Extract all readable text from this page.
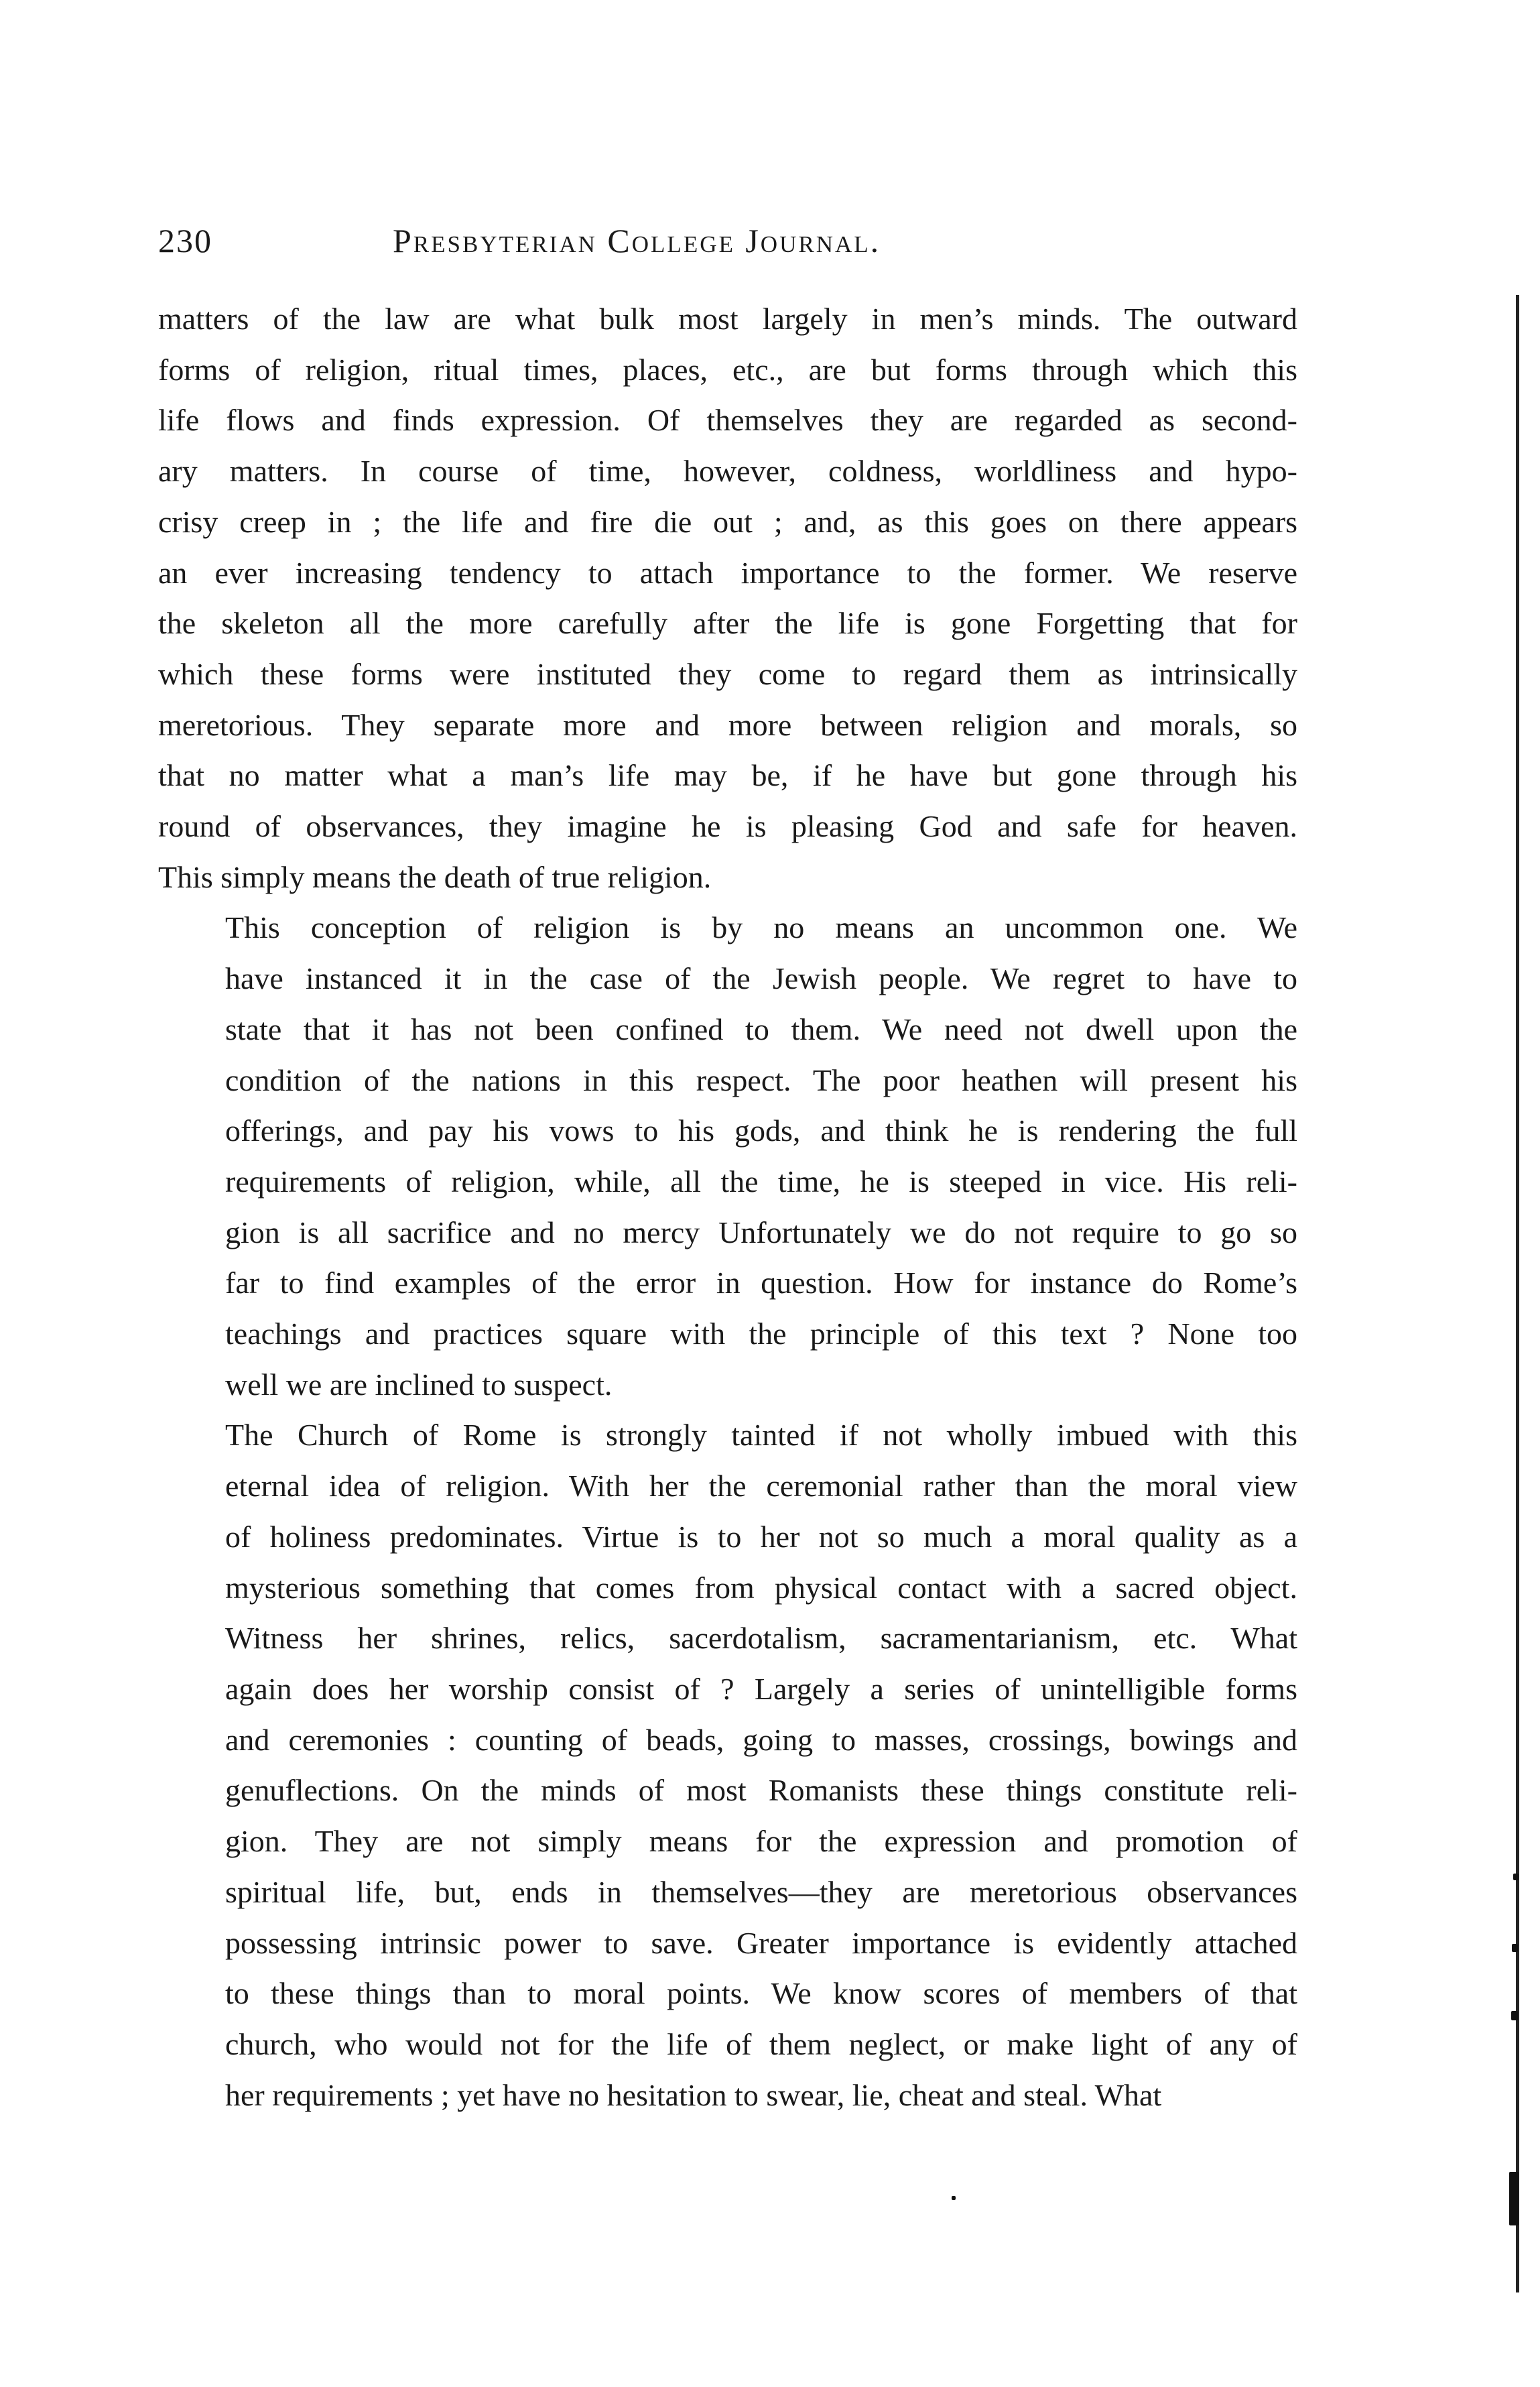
230	Presbyterian College Journal.

matters of the law are what bulk most largely in men’s minds. The outward
forms of religion, ritual times, places, etc., are but forms through which this
life flows and finds expression. Of themselves they are regarded as second-
ary matters. In course of time, however, coldness, worldliness and hypo-
crisy creep in ; the life and fire die out ; and, as this goes on there appears
an ever increasing tendency to attach importance to the former. We reserve
the skeleton all the more carefully after the life is gone Forgetting that for
which these forms were instituted they come to regard them as intrinsically
meretorious. They separate more and more between religion and morals, so
that no matter what a man’s life may be, if he have but gone through his
round of observances, they imagine he is pleasing God and safe for heaven.
This simply means the death of true religion.

This conception of religion is by no means an uncommon one. We
have instanced it in the case of the Jewish people. We regret to have to
state that it has not been confined to them. We need not dwell upon the
condition of the nations in this respect. The poor heathen will present his
offerings, and pay his vows to his gods, and think he is rendering the full
requirements of religion, while, all the time, he is steeped in vice. His reli-
gion is all sacrifice and no mercy Unfortunately we do not require to go so
far to find examples of the error in question. How for instance do Rome’s
teachings and practices square with the principle of this text ? None too
well we are inclined to suspect.

The Church of Rome is strongly tainted if not wholly imbued with this
eternal idea of religion. With her the ceremonial rather than the moral view
of holiness predominates. Virtue is to her not so much a moral quality as a
mysterious something that comes from physical contact with a sacred object.
Witness her shrines, relics, sacerdotalism, sacramentarianism, etc. What
again does her worship consist of ? Largely a series of unintelligible forms
and ceremonies : counting of beads, going to masses, crossings, bowings and
genuflections. On the minds of most Romanists these things constitute reli-
gion. They are not simply means for the expression and promotion of
spiritual life, but, ends in themselves—they are meretorious observances
possessing intrinsic power to save. Greater importance is evidently attached
to these things than to moral points. We know scores of members of that
church, who would not for the life of them neglect, or make light of any of
her requirements ; yet have no hesitation to swear, lie, cheat and steal. What
